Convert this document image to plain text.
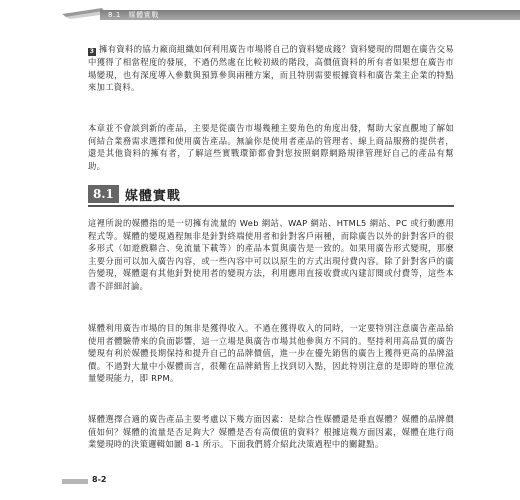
8.1　媒體實戰

3 擁有資料的協力廠商組織如何利用廣告市場將自己的資料變成錢？資料變現的問題在廣告交易中獲得了相當程度的發展，不過仍然處在比較初級的階段，高價值資料的所有者如果想在廣告市場變現，也有深度導入參數與預算參與兩種方案，而且特別需要根據資料和廣告業主企業的特點來加工資料。

本章並不會談到新的產品，主要是從廣告市場幾種主要角色的角度出發，幫助大家直觀地了解如何結合業務需求選擇和使用廣告產品。無論你是使用者產品的管理者、線上商品服務的提供者，還是其他資料的擁有者，了解這些實戰環節都會對您按照網際網路規律管理好自己的產品有幫助。

8.1 媒體實戰

這裡所說的媒體指的是一切擁有流量的 Web 網站、WAP 網站、HTML5 網站、PC 或行動應用程式等。媒體的變現過程無非是針對終端使用者和針對客戶兩種，而除廣告以外的針對客戶的很多形式（如遊戲聯合、免流量下載等）的產品本質與廣告是一致的。如果用廣告形式變現，那麼主要分面可以加入廣告內容，或一些內容中可以以原生的方式出現付費內容。除了針對客戶的廣告變現，媒體還有其他針對使用者的變現方法，利用應用直接收費或內建訂閱或付費等，這些本書不詳細討論。

媒體利用廣告市場的目的無非是獲得收入。不過在獲得收入的同時，一定要特別注意廣告產品給使用者體驗帶來的負面影響，這一立場是與廣告市場其他參與方不同的。堅持利用高品質的廣告變現有利於媒體長期保持和提升自己的品牌價值，進一步在優先銷售的廣告上獲得更高的品牌溢價。不過對大量中小媒體而言，很難在品牌銷售上找到切入點，因此特別注意的是即時的單位流量變現能力，即 RPM。

媒體選擇合適的廣告產品主要考慮以下幾方面因素：是綜合性媒體還是垂直媒體？媒體的品牌價值如何？媒體的流量是否足夠大？媒體是否有高價值的資料？根據這幾方面因素，媒體在進行商業變現時的決策邏輯如圖 8-1 所示。下面我們將介紹此決策過程中的關鍵點。

8-2
